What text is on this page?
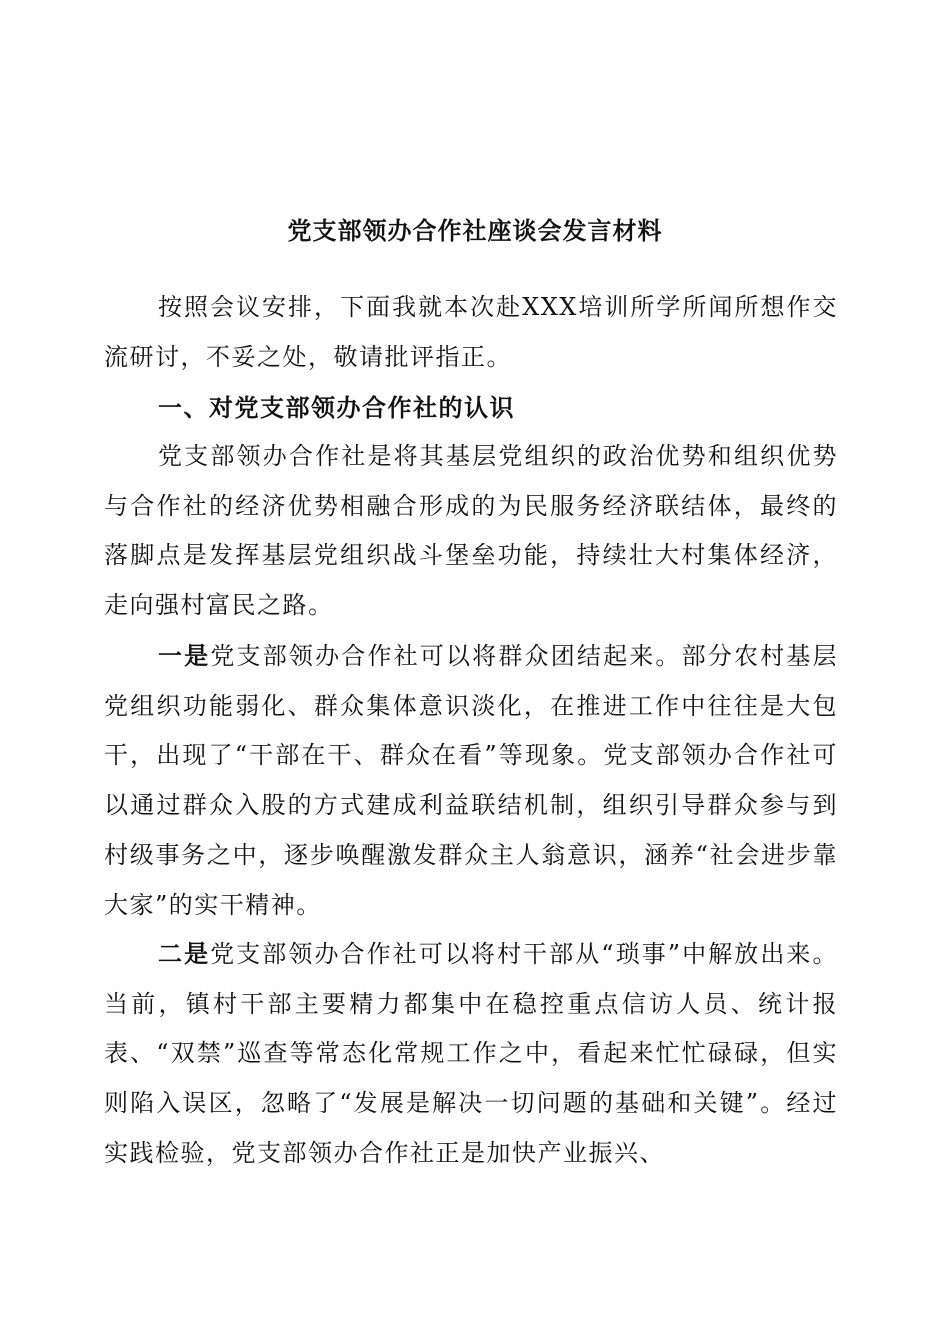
党支部领办合作社座谈会发言材料

按照会议安排，下面我就本次赴XXX培训所学所闻所想作交流研讨，不妥之处，敬请批评指正。

一、对党支部领办合作社的认识

党支部领办合作社是将其基层党组织的政治优势和组织优势与合作社的经济优势相融合形成的为民服务经济联结体，最终的落脚点是发挥基层党组织战斗堡垒功能，持续壮大村集体经济，走向强村富民之路。

一是党支部领办合作社可以将群众团结起来。部分农村基层党组织功能弱化、群众集体意识淡化，在推进工作中往往是大包干，出现了“干部在干、群众在看”等现象。党支部领办合作社可以通过群众入股的方式建成利益联结机制，组织引导群众参与到村级事务之中，逐步唤醒激发群众主人翁意识，涵养“社会进步靠大家”的实干精神。

二是党支部领办合作社可以将村干部从“琐事”中解放出来。当前，镇村干部主要精力都集中在稳控重点信访人员、统计报表、“双禁”巡查等常态化常规工作之中，看起来忙忙碌碌，但实则陷入误区，忽略了“发展是解决一切问题的基础和关键”。经过实践检验，党支部领办合作社正是加快产业振兴、
